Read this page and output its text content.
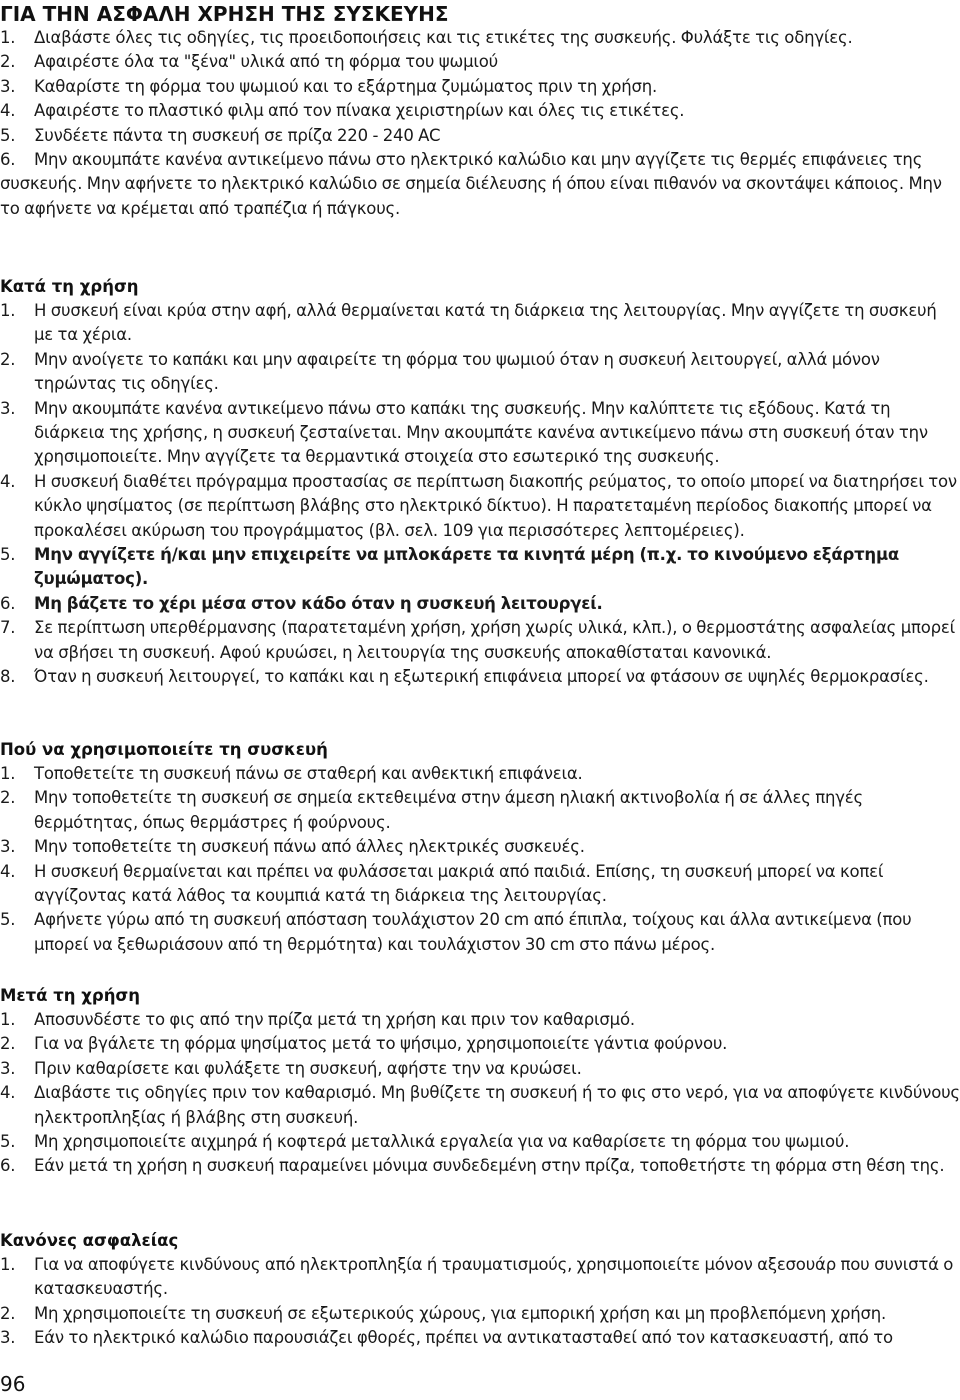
ΓΙΑ ΤΗΝ ΑΣΦΑΛΗ ΧΡΗΣΗ ΤΗΣ ΣΥΣΚΕΥΗΣ
1.	Διαβάστε όλες τις οδηγίες, τις προειδοποιήσεις και τις ετικέτες της συσκευής. Φυλάξτε τις οδηγίες.
2.	Αφαιρέστε όλα τα "ξένα" υλικά από τη φόρμα του ψωμιού
3.	Καθαρίστε τη φόρμα του ψωμιού και το εξάρτημα ζυμώματος πριν τη χρήση.
4.	Αφαιρέστε το πλαστικό φιλμ από τον πίνακα χειριστηρίων και όλες τις ετικέτες.
5.	Συνδέετε πάντα τη συσκευή σε πρίζα 220 - 240 AC
6. Μην ακουμπάτε κανένα αντικείμενο πάνω στο ηλεκτρικό καλώδιο και μην αγγίζετε τις θερμές επιφάνειες της συσκευής. Μην αφήνετε το ηλεκτρικό καλώδιο σε σημεία διέλευσης ή όπου είναι πιθανόν να σκοντάψει κάποιος. Μην το αφήνετε να κρέμεται από τραπέζια ή πάγκους.
Κατά τη χρήση
1.	Η συσκευή είναι κρύα στην αφή, αλλά θερμαίνεται κατά τη διάρκεια της λειτουργίας. Μην αγγίζετε τη συσκευή με τα χέρια.
2.	Μην ανοίγετε το καπάκι και μην αφαιρείτε τη φόρμα του ψωμιού όταν η συσκευή λειτουργεί, αλλά μόνον τηρώντας τις οδηγίες.
3.	Μην ακουμπάτε κανένα αντικείμενο πάνω στο καπάκι της συσκευής. Μην καλύπτετε τις εξόδους. Κατά τη διάρκεια της χρήσης, η συσκευή ζεσταίνεται. Μην ακουμπάτε κανένα αντικείμενο πάνω στη συσκευή όταν την χρησιμοποιείτε. Μην αγγίζετε τα θερμαντικά στοιχεία στο εσωτερικό της συσκευής.
4.	Η συσκευή διαθέτει πρόγραμμα προστασίας σε περίπτωση διακοπής ρεύματος, το οποίο μπορεί να διατηρήσει τον κύκλο ψησίματος (σε περίπτωση βλάβης στο ηλεκτρικό δίκτυο). Η παρατεταμένη περίοδος διακοπής μπορεί να προκαλέσει ακύρωση του προγράμματος (βλ. σελ. 109 για περισσότερες λεπτομέρειες).
5.	Μην αγγίζετε ή/και μην επιχειρείτε να μπλοκάρετε τα κινητά μέρη (π.χ. το κινούμενο εξάρτημα ζυμώματος).
6.	Μη βάζετε το χέρι μέσα στον κάδο όταν η συσκευή λειτουργεί.
7.	Σε περίπτωση υπερθέρμανσης (παρατεταμένη χρήση, χρήση χωρίς υλικά, κλπ.), ο θερμοστάτης ασφαλείας μπορεί να σβήσει τη συσκευή. Αφού κρυώσει, η λειτουργία της συσκευής αποκαθίσταται κανονικά.
8.	Όταν η συσκευή λειτουργεί, το καπάκι και η εξωτερική επιφάνεια μπορεί να φτάσουν σε υψηλές θερμοκρασίες.
Πού να χρησιμοποιείτε τη συσκευή
1.	Τοποθετείτε τη συσκευή πάνω σε σταθερή και ανθεκτική επιφάνεια.
2.	Μην τοποθετείτε τη συσκευή σε σημεία εκτεθειμένα στην άμεση ηλιακή ακτινοβολία ή σε άλλες πηγές θερμότητας, όπως θερμάστρες ή φούρνους.
3.	Μην τοποθετείτε τη συσκευή πάνω από άλλες ηλεκτρικές συσκευές.
4.	Η συσκευή θερμαίνεται και πρέπει να φυλάσσεται μακριά από παιδιά. Επίσης, τη συσκευή μπορεί να κοπεί αγγίζοντας κατά λάθος τα κουμπιά κατά τη διάρκεια της λειτουργίας.
5.	Αφήνετε γύρω από τη συσκευή απόσταση τουλάχιστον 20 cm από έπιπλα, τοίχους και άλλα αντικείμενα (που μπορεί να ξεθωριάσουν από τη θερμότητα) και τουλάχιστον 30 cm στο πάνω μέρος.
Μετά τη χρήση
1.	Αποσυνδέστε το φις από την πρίζα μετά τη χρήση και πριν τον καθαρισμό.
2.	Για να βγάλετε τη φόρμα ψησίματος μετά το ψήσιμο, χρησιμοποιείτε γάντια φούρνου.
3.	Πριν καθαρίσετε και φυλάξετε τη συσκευή, αφήστε την να κρυώσει.
4.	Διαβάστε τις οδηγίες πριν τον καθαρισμό. Μη βυθίζετε τη συσκευή ή το φις στο νερό, για να αποφύγετε κινδύνους ηλεκτροπληξίας ή βλάβης στη συσκευή.
5.	Μη χρησιμοποιείτε αιχμηρά ή κοφτερά μεταλλικά εργαλεία για να καθαρίσετε τη φόρμα του ψωμιού.
6.	Εάν μετά τη χρήση η συσκευή παραμείνει μόνιμα συνδεδεμένη στην πρίζα, τοποθετήστε τη φόρμα στη θέση της.
Κανόνες ασφαλείας
1.	Για να αποφύγετε κινδύνους από ηλεκτροπληξία ή τραυματισμούς, χρησιμοποιείτε μόνον αξεσουάρ που συνιστά ο κατασκευαστής.
2.	Μη χρησιμοποιείτε τη συσκευή σε εξωτερικούς χώρους, για εμπορική χρήση και μη προβλεπόμενη χρήση.
3.	Εάν το ηλεκτρικό καλώδιο παρουσιάζει φθορές, πρέπει να αντικατασταθεί από τον κατασκευαστή, από το
96
